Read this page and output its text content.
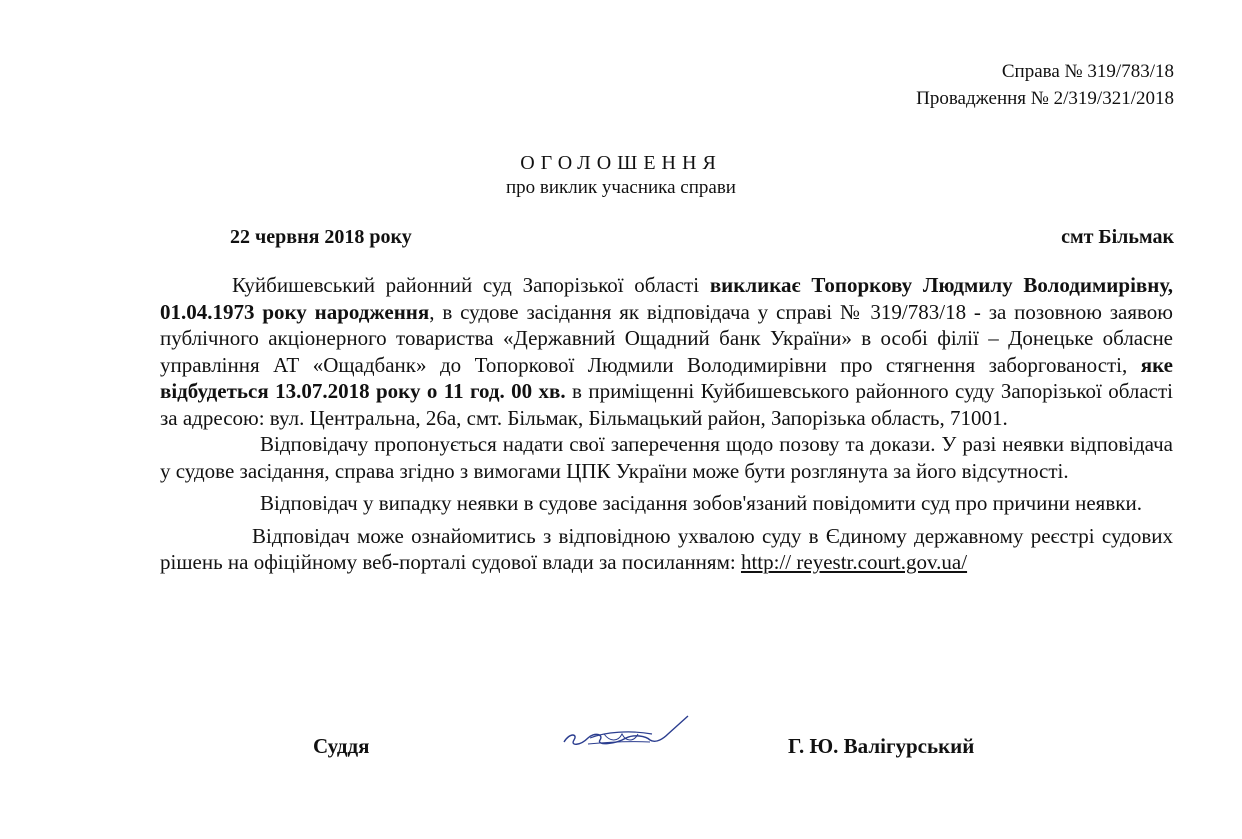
Справа № 319/783/18
Провадження № 2/319/321/2018
ОГОЛОШЕННЯ
про виклик учасника справи
22 червня 2018 року	смт Більмак

Куйбишевський районний суд Запорізької області викликає Топоркову Людмилу Володимирівну, 01.04.1973 року народження, в судове засідання як відповідача у справі № 319/783/18 - за позовною заявою публічного акціонерного товариства «Державний Ощадний банк України» в особі філії – Донецьке обласне управління АТ «Ощадбанк» до Топоркової Людмили Володимирівни про стягнення заборгованості, яке відбудеться 13.07.2018 року о 11 год. 00 хв. в приміщенні Куйбишевського районного суду Запорізької області за адресою: вул. Центральна, 26а, смт. Більмак, Більмацький район, Запорізька область, 71001.

Відповідачу пропонується надати свої заперечення щодо позову та докази. У разі неявки відповідача у судове засідання, справа згідно з вимогами ЦПК України може бути розглянута за його відсутності.

Відповідач у випадку неявки в судове засідання зобов'язаний повідомити суд про причини неявки.

Відповідач може ознайомитись з відповідною ухвалою суду в Єдиному державному реєстрі судових рішень на офіційному веб-порталі судової влади за посиланням: http:// reyestr.court.gov.ua/

Суддя	Г. Ю. Валігурський
